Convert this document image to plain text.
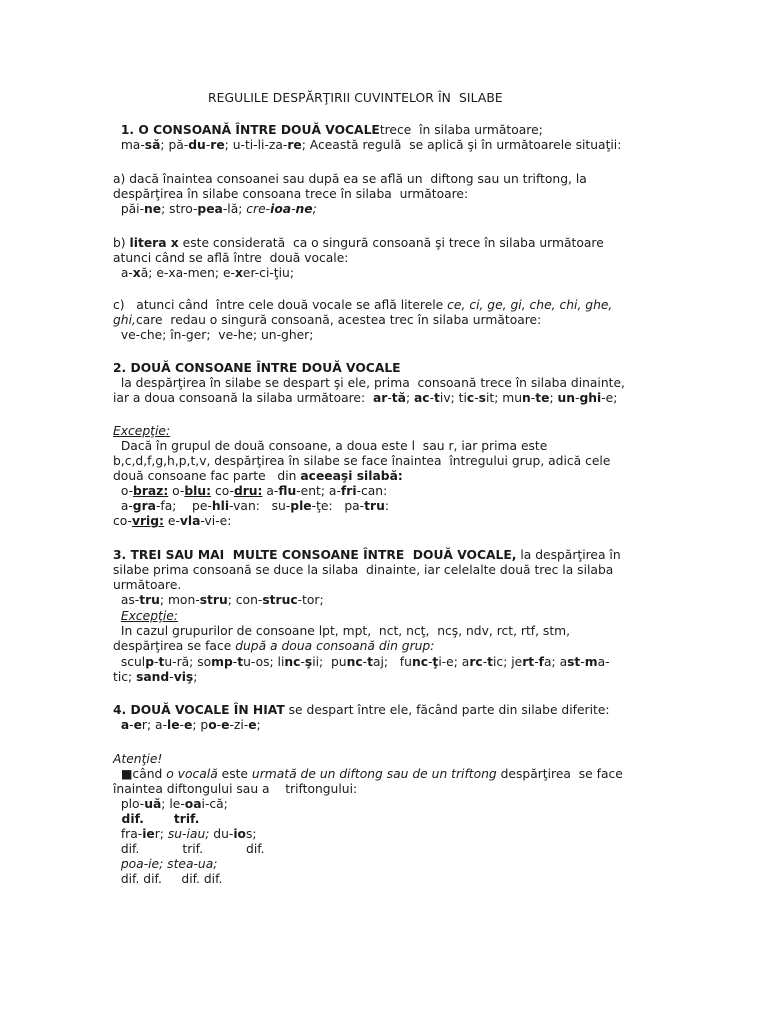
REGULILE DESPĂRŢIRII CUVINTELOR ÎN  SILABE
1. O CONSOANĂ ÎNTRE DOUĂ VOCALEtrece  în silaba următoare;
ma-să; pă-du-re; u-ti-li-za-re; Această regulă  se aplică şi în următoarele situaţii:
a) dacă înaintea consoanei sau după ea se află un  diftong sau un triftong, la
despărţirea în silabe consoana trece în silaba  următoare:
păi-ne; stro-pea-lă; cre-ioa-ne;
b) litera x este considerată  ca o singură consoană şi trece în silaba următoare
atunci când se află între  două vocale:
a-xă; e-xa-men; e-xer-ci-ţiu;
c)   atunci când  între cele două vocale se află literele ce, ci, ge, gi, che, chi, ghe,
ghi,care  redau o singură consoană, acestea trec în silaba următoare:
ve-che; în-ger;  ve-he; un-gher;
2. DOUĂ CONSOANE ÎNTRE DOUĂ VOCALE
la despărţirea în silabe se despart şi ele, prima  consoană trece în silaba dinainte,
iar a doua consoană la silaba următoare:  ar-tă; ac-tiv; tic-sit; mun-te; un-ghi-e;
Excepţie:
Dacă în grupul de două consoane, a doua este l  sau r, iar prima este
b,c,d,f,g,h,p,t,v, despărţirea în silabe se face înaintea  întregului grup, adică cele
două consoane fac parte   din aceeaşi silabă:
o-braz: o-blu: co-dru: a-flu-ent; a-fri-can:
a-gra-fa;    pe-hli-van:   su-ple-ţe:   pa-tru:
co-vrig: e-vla-vi-e:
3. TREI SAU MAI  MULTE CONSOANE ÎNTRE  DOUĂ VOCALE, la despărţirea în
silabe prima consoană se duce la silaba  dinainte, iar celelalte două trec la silaba
următoare.
as-tru; mon-stru; con-struc-tor;
Excepţie:
In cazul grupurilor de consoane lpt, mpt,  nct, ncţ,  ncş, ndv, rct, rtf, stm,
despărţirea se face după a doua consoană din grup:
sculp-tu-ră; somp-tu-os; linc-şii;  punc-taj;   func-ţi-e; arc-tic; jert-fa; ast-ma-
tic; sand-viş;
4. DOUĂ VOCALE ÎN HIAT se despart între ele, făcând parte din silabe diferite:
a-er; a-le-e; po-e-zi-e;
Atenţie!
■când o vocală este urmată de un diftong sau de un triftong despărţirea  se face
înaintea diftongului sau a    triftongului:
plo-uă; le-oai-că;
dif.       trif.
fra-ier; su-iau; du-ios;
dif.           trif.           dif.
poa-ie; stea-ua;
dif. dif.     dif. dif.
